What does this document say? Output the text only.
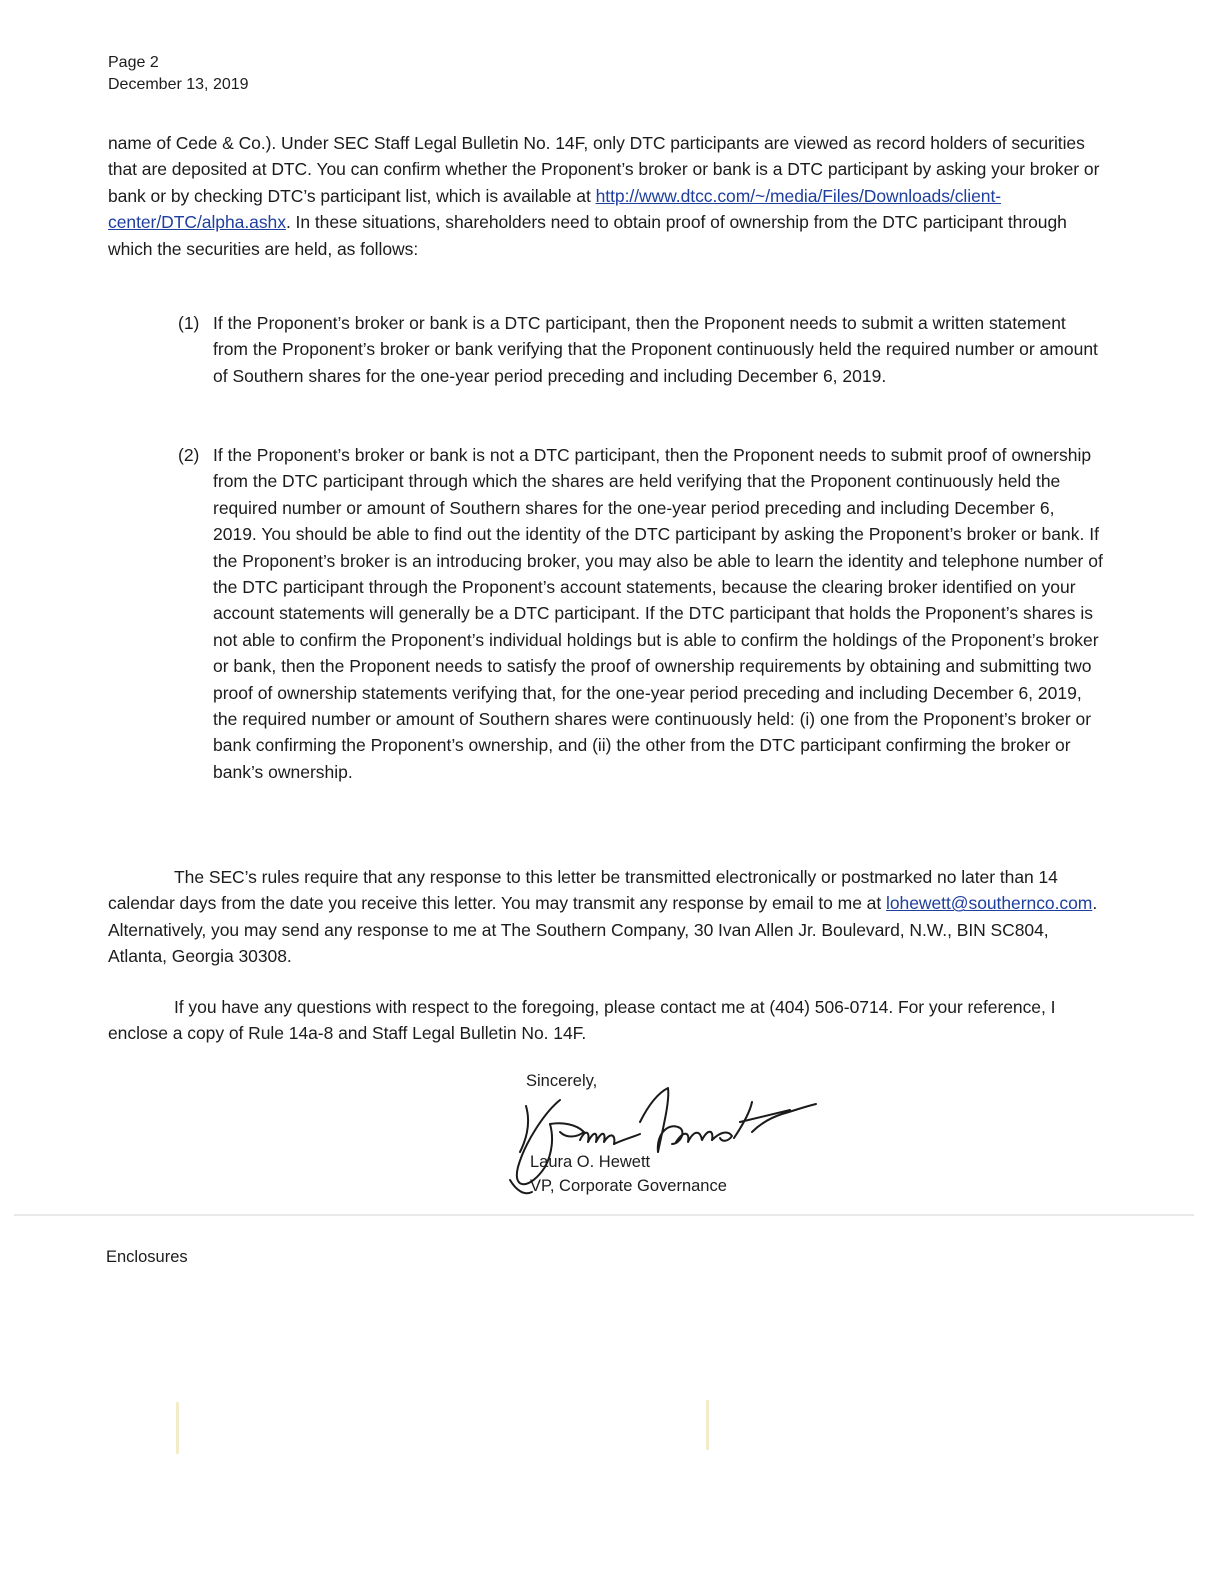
Page 2
December 13, 2019

name of Cede & Co.). Under SEC Staff Legal Bulletin No. 14F, only DTC participants are viewed as record holders of securities that are deposited at DTC. You can confirm whether the Proponent’s broker or bank is a DTC participant by asking your broker or bank or by checking DTC’s participant list, which is available at http://www.dtcc.com/~/media/Files/Downloads/client-center/DTC/alpha.ashx. In these situations, shareholders need to obtain proof of ownership from the DTC participant through which the securities are held, as follows:

(1) If the Proponent’s broker or bank is a DTC participant, then the Proponent needs to submit a written statement from the Proponent’s broker or bank verifying that the Proponent continuously held the required number or amount of Southern shares for the one-year period preceding and including December 6, 2019.

(2) If the Proponent’s broker or bank is not a DTC participant, then the Proponent needs to submit proof of ownership from the DTC participant through which the shares are held verifying that the Proponent continuously held the required number or amount of Southern shares for the one-year period preceding and including December 6, 2019. You should be able to find out the identity of the DTC participant by asking the Proponent’s broker or bank. If the Proponent’s broker is an introducing broker, you may also be able to learn the identity and telephone number of the DTC participant through the Proponent’s account statements, because the clearing broker identified on your account statements will generally be a DTC participant. If the DTC participant that holds the Proponent’s shares is not able to confirm the Proponent’s individual holdings but is able to confirm the holdings of the Proponent’s broker or bank, then the Proponent needs to satisfy the proof of ownership requirements by obtaining and submitting two proof of ownership statements verifying that, for the one-year period preceding and including December 6, 2019, the required number or amount of Southern shares were continuously held: (i) one from the Proponent’s broker or bank confirming the Proponent’s ownership, and (ii) the other from the DTC participant confirming the broker or bank’s ownership.

The SEC’s rules require that any response to this letter be transmitted electronically or postmarked no later than 14 calendar days from the date you receive this letter. You may transmit any response by email to me at lohewett@southernco.com. Alternatively, you may send any response to me at The Southern Company, 30 Ivan Allen Jr. Boulevard, N.W., BIN SC804, Atlanta, Georgia 30308.

If you have any questions with respect to the foregoing, please contact me at (404) 506-0714. For your reference, I enclose a copy of Rule 14a-8 and Staff Legal Bulletin No. 14F.

Sincerely,
Laura O. Hewett
VP, Corporate Governance
Enclosures
